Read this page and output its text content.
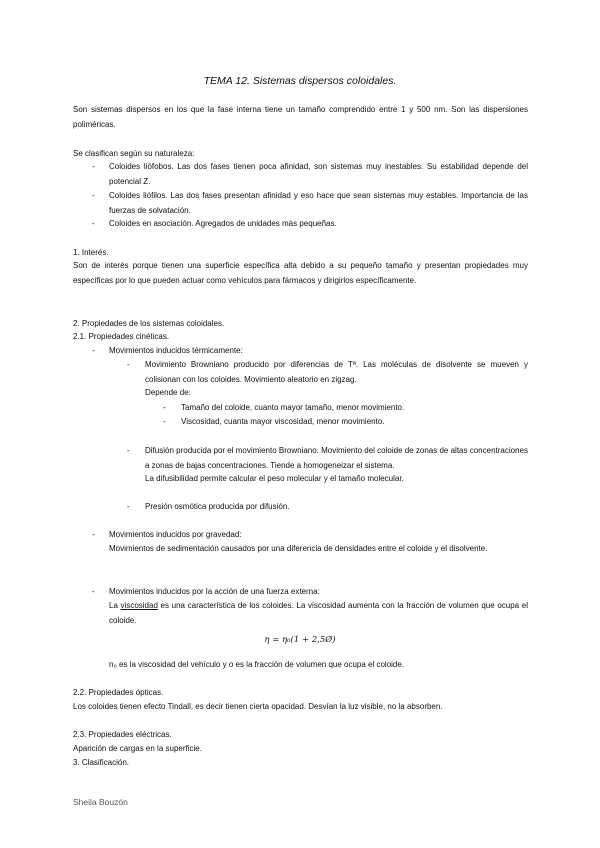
TEMA 12. Sistemas dispersos coloidales.
Son sistemas dispersos en los que la fase interna tiene un tamaño comprendido entre 1 y 500 nm. Son las dispersiones poliméricas.
Se clasifican según su naturaleza:
- Coloides liófobos. Las dos fases tienen poca afinidad, son sistemas muy inestables. Su estabilidad depende del potencial Z.
- Coloides liófilos. Las dos fases presentan afinidad y eso hace que sean sistemas muy estables. Importancia de las fuerzas de solvatación.
- Coloides en asociación. Agregados de unidades más pequeñas.
1. Interés.
Son de interés porque tienen una superficie específica alta debido a su pequeño tamaño y presentan propiedades muy específicas por lo que pueden actuar como vehículos para fármacos y dirigirlos específicamente.
2. Propiedades de los sistemas coloidales.
2.1. Propiedades cinéticas.
- Movimientos inducidos térmicamente:
- Movimiento Browniano producido por diferencias de Tª. Las moléculas de disolvente se mueven y colisionan con los coloides. Movimiento aleatorio en zigzag.
Depende de:
- Tamaño del coloide, cuanto mayor tamaño, menor movimiento.
- Viscosidad, cuanta mayor viscosidad, menor movimiento.
- Difusión producida por el movimiento Browniano. Movimiento del coloide de zonas de altas concentraciones a zonas de bajas concentraciones. Tiende a homogeneizar el sistema.
La difusibilidad permite calcular el peso molecular y el tamaño molecular.
- Presión osmótica producida por difusión.
- Movimientos inducidos por gravedad:
Movimientos de sedimentación causados por una diferencia de densidades entre el coloide y el disolvente.
- Movimientos inducidos por la acción de una fuerza externa:
La viscosidad es una característica de los coloides. La viscosidad aumenta con la fracción de volumen que ocupa el coloide.
η = η₀(1 + 2,5Ø)
n₀ es la viscosidad del vehículo y ο es la fracción de volumen que ocupa el coloide.
2.2. Propiedades ópticas.
Los coloides tienen efecto Tindall, es decir tienen cierta opacidad. Desvían la luz visible, no la absorben.
2.3. Propiedades eléctricas.
Aparición de cargas en la superficie.
3. Clasificación.
Sheila Bouzón
